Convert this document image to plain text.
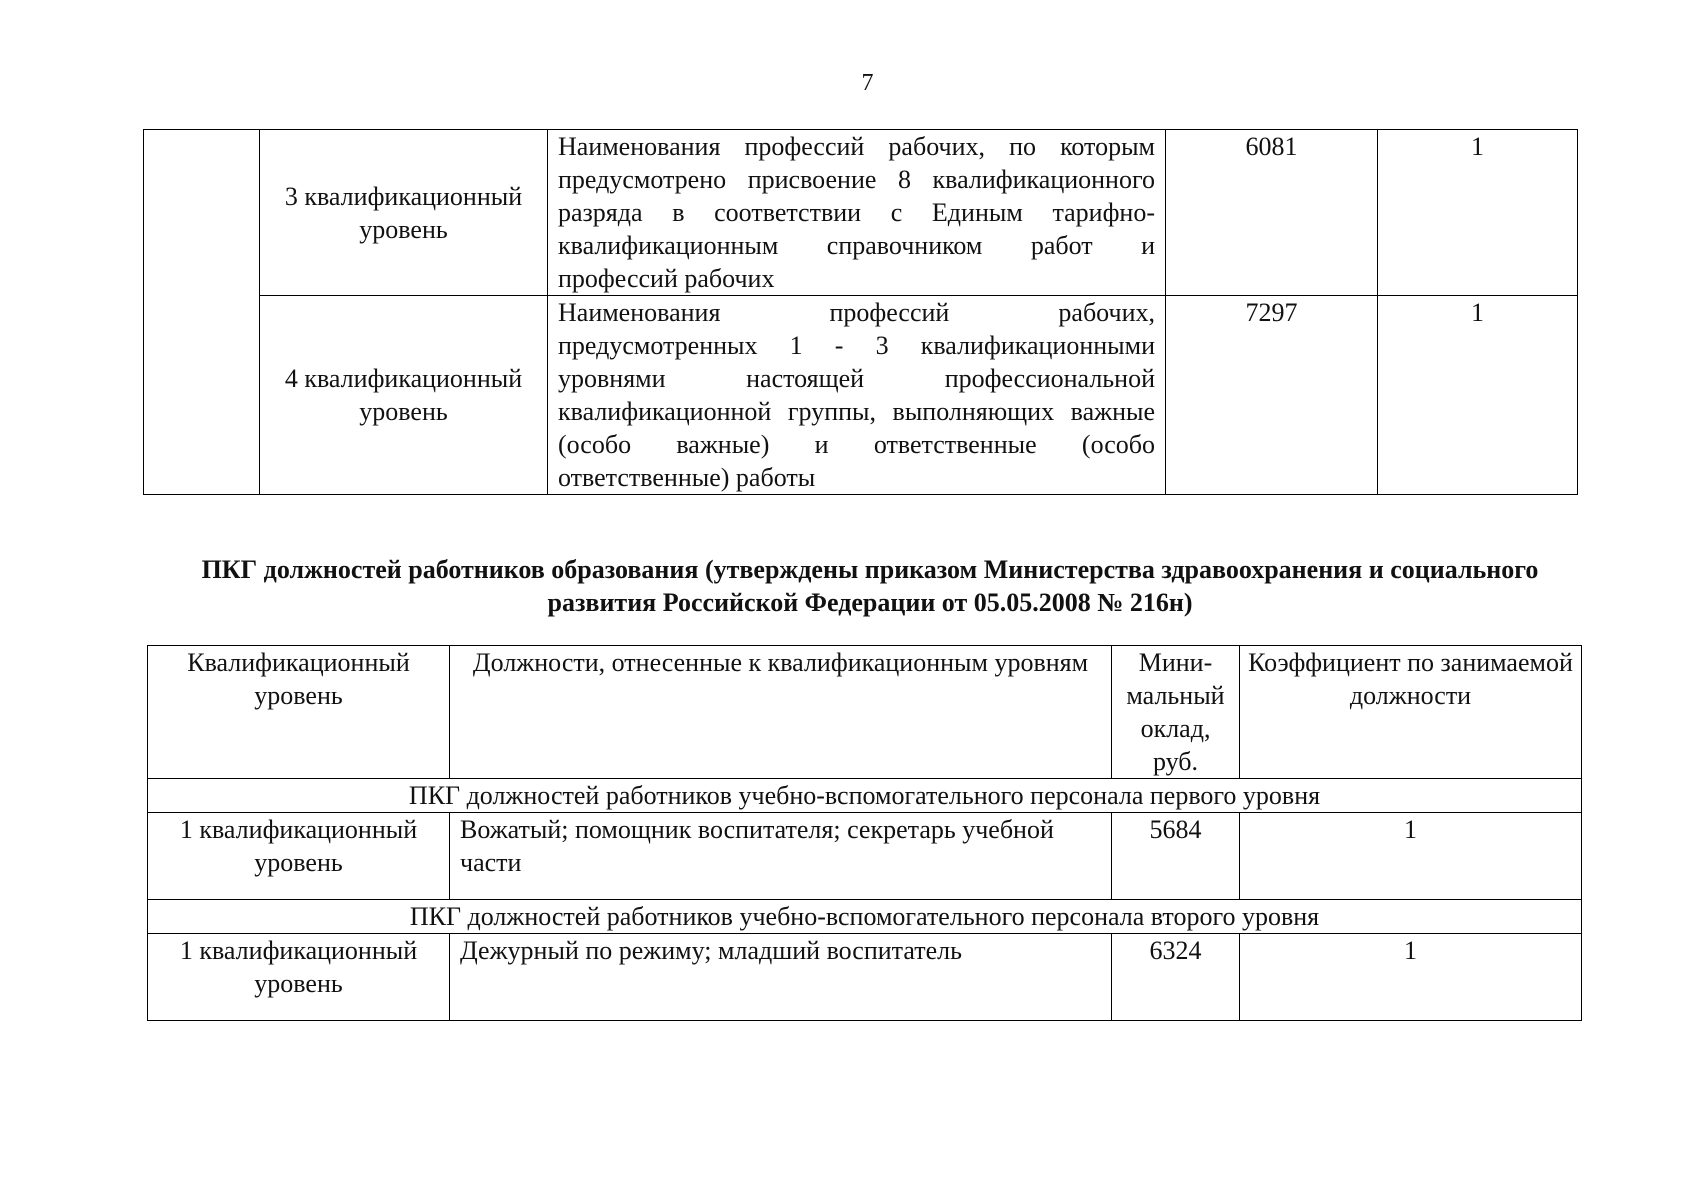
7
	3 квалификационный уровень	Наименования профессий рабочих, по которым предусмотрено присвоение 8 квалификационного разряда в соответствии с Единым тарифно-квалификационным справочником работ и профессий рабочих	6081	1
	4 квалификационный уровень	Наименования профессий рабочих, предусмотренных 1 - 3 квалификационными уровнями настоящей профессиональной квалификационной группы, выполняющих важные (особо важные) и ответственные (особо ответственные) работы	7297	1
ПКГ должностей работников образования (утверждены приказом Министерства здравоохранения и социального развития Российской Федерации от 05.05.2008 № 216н)
Квалификационный уровень	Должности, отнесенные к квалификационным уровням	Мини-мальный оклад, руб.	Коэффициент по занимаемой должности
ПКГ должностей работников учебно-вспомогательного персонала первого уровня			
1 квалификационный уровень	Вожатый; помощник воспитателя; секретарь учебной части	5684	1
ПКГ должностей работников учебно-вспомогательного персонала второго уровня			
1 квалификационный уровень	Дежурный по режиму; младший воспитатель	6324	1
